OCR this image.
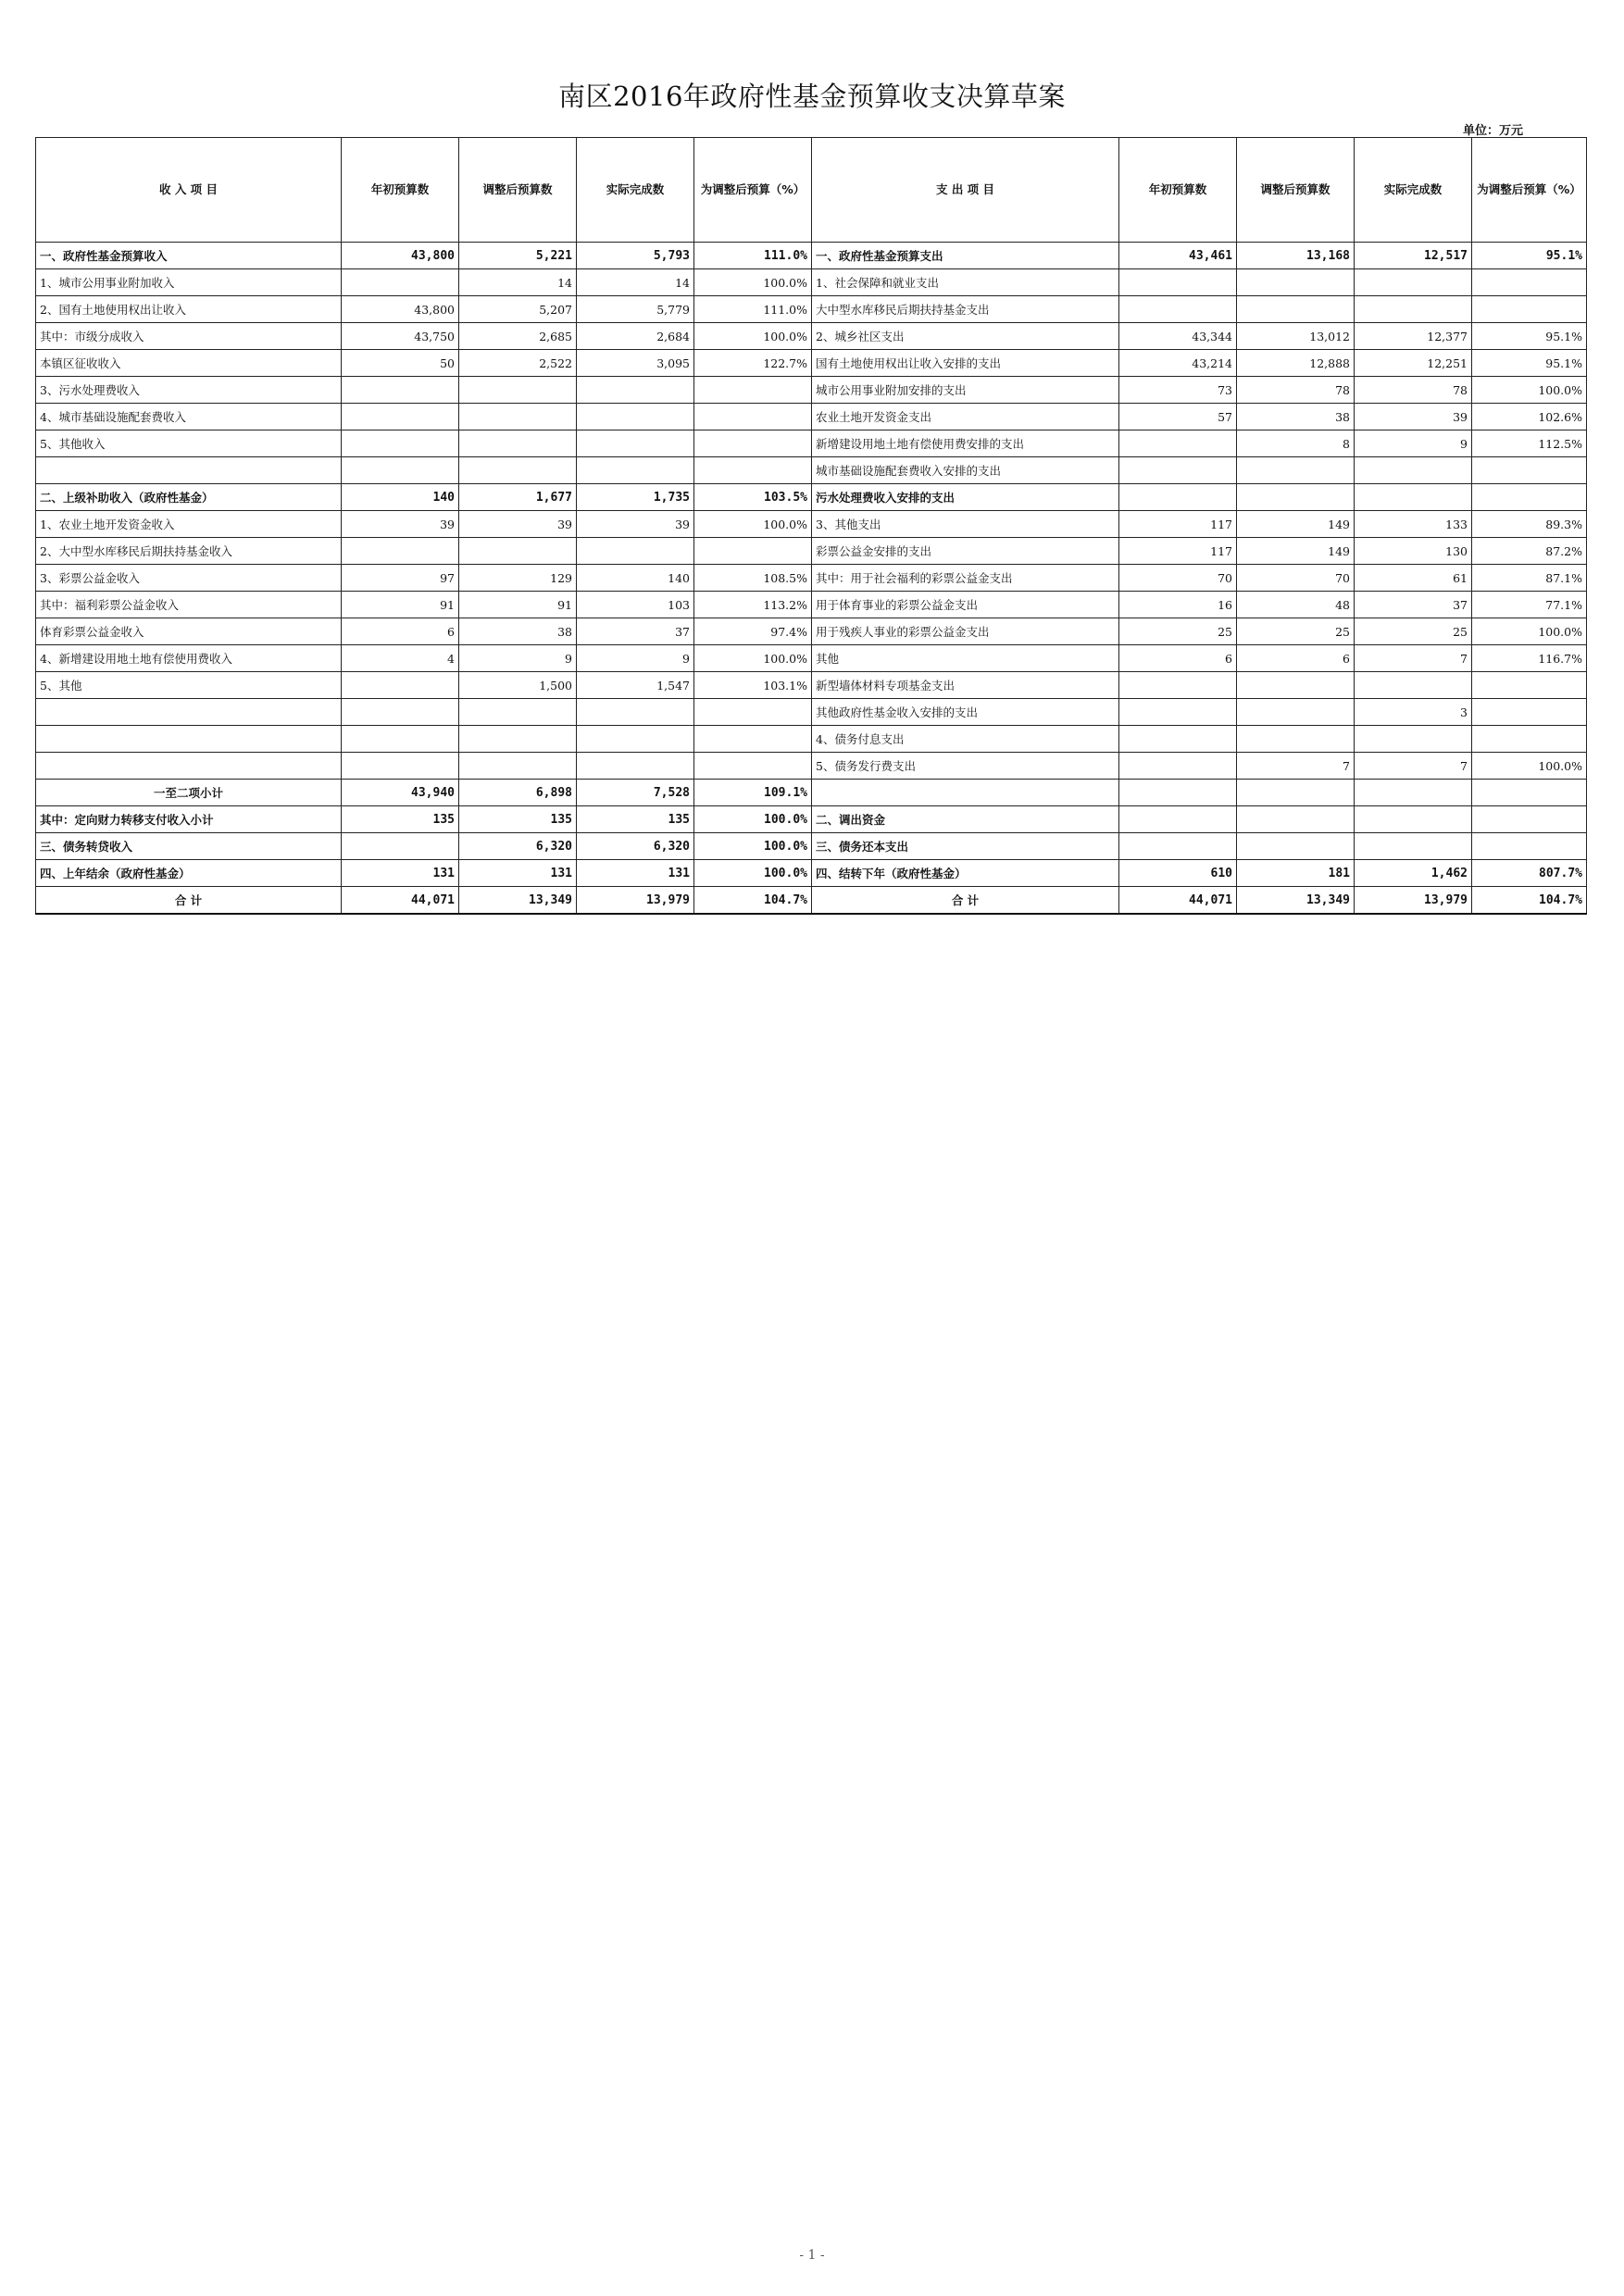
南区2016年政府性基金预算收支决算草案
单位：万元
收 入 项 目	年初预算数	调整后预算数	实际完成数	为调整后预算（%）	支 出 项 目	年初预算数	调整后预算数	实际完成数	为调整后预算（%）
一、政府性基金预算收入	43,800	5,221	5,793	111.0%	一、政府性基金预算支出	43,461	13,168	12,517	95.1%
1、城市公用事业附加收入		14	14	100.0%	1、社会保障和就业支出				
2、国有土地使用权出让收入	43,800	5,207	5,779	111.0%	大中型水库移民后期扶持基金支出				
其中：市级分成收入	43,750	2,685	2,684	100.0%	2、城乡社区支出	43,344	13,012	12,377	95.1%
本镇区征收收入	50	2,522	3,095	122.7%	国有土地使用权出让收入安排的支出	43,214	12,888	12,251	95.1%
3、污水处理费收入					城市公用事业附加安排的支出	73	78	78	100.0%
4、城市基础设施配套费收入					农业土地开发资金支出	57	38	39	102.6%
5、其他收入					新增建设用地土地有偿使用费安排的支出		8	9	112.5%
					城市基础设施配套费收入安排的支出				
二、上级补助收入（政府性基金）	140	1,677	1,735	103.5%	污水处理费收入安排的支出				
1、农业土地开发资金收入	39	39	39	100.0%	3、其他支出	117	149	133	89.3%
2、大中型水库移民后期扶持基金收入					彩票公益金安排的支出	117	149	130	87.2%
3、彩票公益金收入	97	129	140	108.5%	其中：用于社会福利的彩票公益金支出	70	70	61	87.1%
其中：福利彩票公益金收入	91	91	103	113.2%	用于体育事业的彩票公益金支出	16	48	37	77.1%
体育彩票公益金收入	6	38	37	97.4%	用于残疾人事业的彩票公益金支出	25	25	25	100.0%
4、新增建设用地土地有偿使用费收入	4	9	9	100.0%	其他	6	6	7	116.7%
5、其他		1,500	1,547	103.1%	新型墙体材料专项基金支出				
					其他政府性基金收入安排的支出			3	
					4、债务付息支出				
					5、债务发行费支出		7	7	100.0%
一至二项小计	43,940	6,898	7,528	109.1%					
其中：定向财力转移支付收入小计	135	135	135	100.0%	二、调出资金				
三、债务转贷收入		6,320	6,320	100.0%	三、债务还本支出				
四、上年结余（政府性基金）	131	131	131	100.0%	四、结转下年（政府性基金）	610	181	1,462	807.7%
合 计	44,071	13,349	13,979	104.7%	合 计	44,071	13,349	13,979	104.7%
- 1 -
